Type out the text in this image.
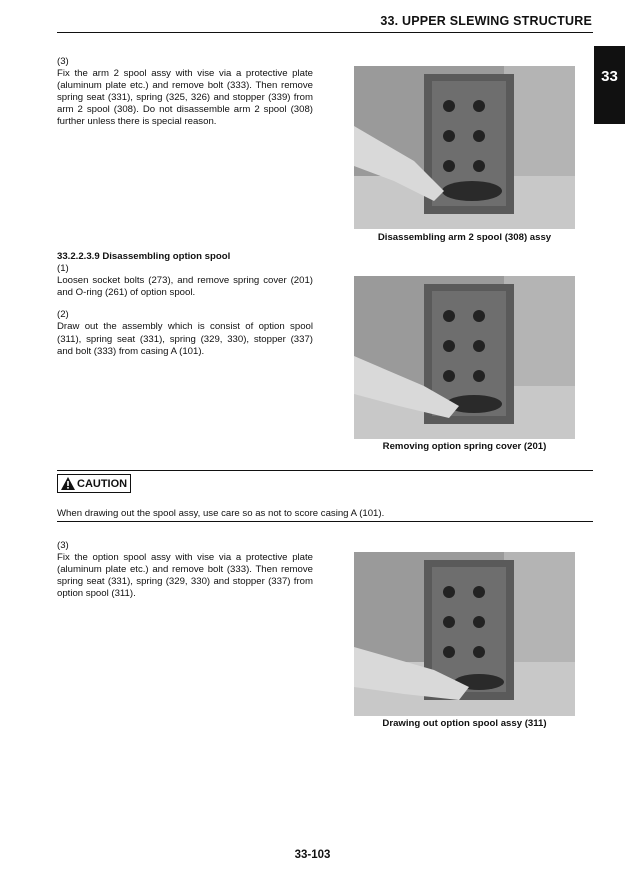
33. UPPER SLEWING STRUCTURE
33
(3)
Fix the arm 2 spool assy with vise via a protective plate (aluminum plate etc.) and remove bolt (333). Then remove spring seat (331), spring (325, 326) and stopper (339) from arm 2 spool (308). Do not disassemble arm 2 spool (308) further unless there is special reason.
Disassembling arm 2 spool (308) assy
33.2.2.3.9 Disassembling option spool
(1)
Loosen socket bolts (273), and remove spring cover (201) and O-ring (261) of option spool.
(2)
Draw out the assembly which is consist of option spool (311), spring seat (331), spring (329, 330), stopper (337) and bolt (333) from casing A (101).
Removing option spring cover (201)
CAUTION
When drawing out the spool assy, use care so as not to score casing A (101).
(3)
Fix the option spool assy with vise via a protective plate (aluminum plate etc.) and remove bolt (333). Then remove spring seat (331), spring (329, 330) and stopper (337) from option spool (311).
Drawing out option spool assy (311)
33-103
